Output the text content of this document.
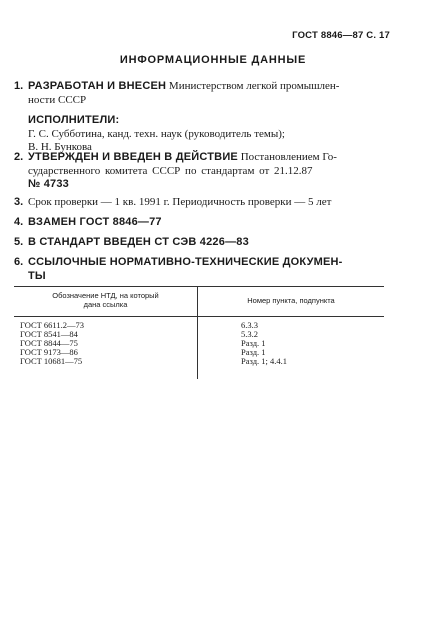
ГОСТ 8846—87 С. 17
ИНФОРМАЦИОННЫЕ ДАННЫЕ
1. РАЗРАБОТАН И ВНЕСЕН Министерством легкой промышлен-
ности СССР
ИСПОЛНИТЕЛИ:
Г. С. Субботина, канд. техн. наук (руководитель темы);
В. Н. Бункова
2. УТВЕРЖДЕН И ВВЕДЕН В ДЕЙСТВИЕ Постановлением Го-
сударственного комитета СССР по стандартам от 21.12.87
№ 4733
3. Срок проверки — 1 кв. 1991 г. Периодичность проверки — 5 лет
4. ВЗАМЕН ГОСТ 8846—77
5. В СТАНДАРТ ВВЕДЕН СТ СЭВ 4226—83
6. ССЫЛОЧНЫЕ НОРМАТИВНО-ТЕХНИЧЕСКИЕ ДОКУМЕН-
ТЫ
Обозначение НТД, на который
дана ссылка	Номер пункта, подпункта
ГОСТ 6611.2—73	6.3.3
ГОСТ 8541—84	5.3.2
ГОСТ 8844—75	Разд. 1
ГОСТ 9173—86	Разд. 1
ГОСТ 10681—75	Разд. 1; 4.4.1
